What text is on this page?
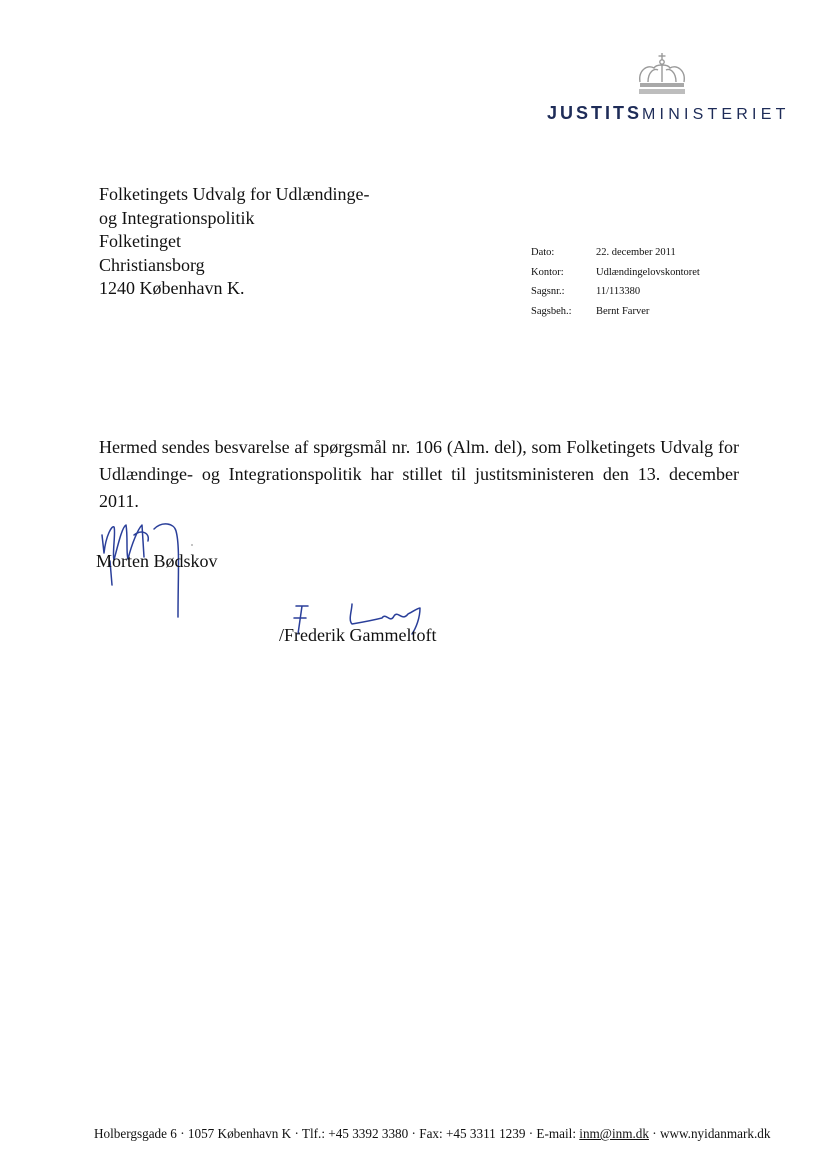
JUSTITSMINISTERIET
Folketingets Udvalg for Udlændinge-
og Integrationspolitik
Folketinget
Christiansborg
1240 København K.
Dato:	22. december 2011
Kontor:	Udlændingelovskontoret
Sagsnr.:	11/113380
Sagsbeh.:	Bernt Farver
Hermed sendes besvarelse af spørgsmål nr. 106 (Alm. del), som Folketingets Udvalg for Udlændinge- og Integrationspolitik har stillet til justitsministeren den 13. december 2011.
Morten Bødskov
/Frederik Gammeltoft
Holbergsgade 6 · 1057 København K · Tlf.: +45 3392 3380 · Fax: +45 3311 1239 · E-mail: inm@inm.dk · www.nyidanmark.dk
